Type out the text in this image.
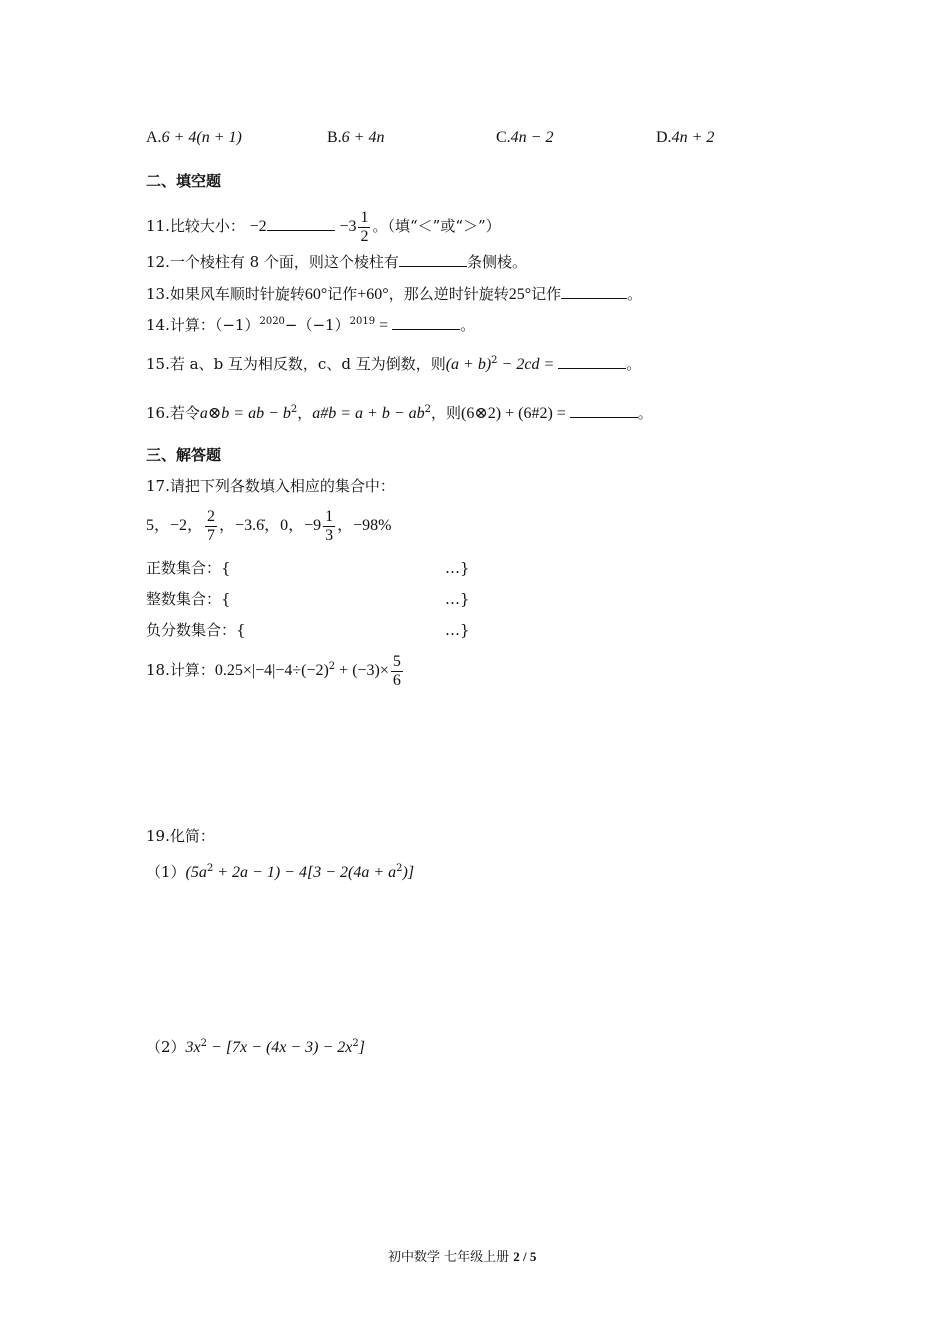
A.6 + 4(n + 1)	B.6 + 4n	C.4n − 2	D.4n + 2
二、填空题
11.比较大小： −2	$-3 \frac{1}{2}$ 。（填“＜”或“＞”）
12.一个棱柱有 8 个面，则这个棱柱有	条侧棱。
13.如果风车顺时针旋转60°记作+60°，那么逆时针旋转25°记作	。
14.计算：$(-1)^{2020}-(-1)^{2019}$ =	。
15.若 a、b 互为相反数，c、d 互为倒数，则$(a + b)^2 - 2cd$ =	。
16.若令a⊗b = ab − $b^2$，a#b = $a + b - ab^2$，则(6⊗2) + (6#2) =	。
三、解答题
17.请把下列各数填入相应的集合中：
5，−2， $\frac{2}{7}$ ，−3.6̇，0，$-9 \frac{1}{3}$ ，−98%
正数集合：{	…}
整数集合：{	…}
负分数集合：{	…}
18.计算：$0.25\times|-4|-4\div(-2)^2 + (-3)\times \frac{5}{6}$
19.化简：
$(1)(5a^2 + 2a - 1) - 4[3 - 2(4a + a^2)]$
$(2)3x^2 - [7x - (4x - 3) - 2x^2]$
初中数学 七年级上册 2 / 5
